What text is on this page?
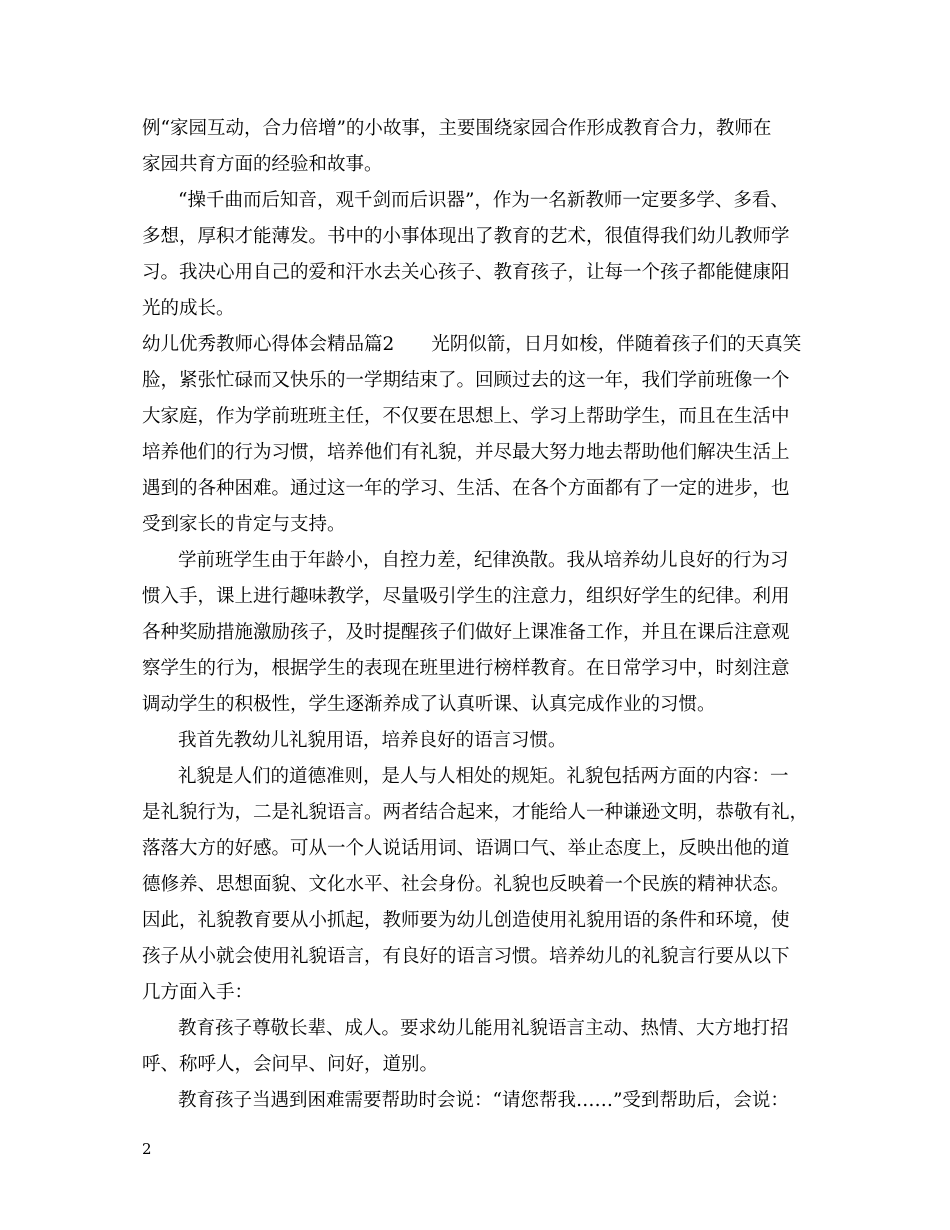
例“家园互动，合力倍增”的小故事，主要围绕家园合作形成教育合力，教师在
家园共育方面的经验和故事。
“操千曲而后知音，观千剑而后识器”，作为一名新教师一定要多学、多看、
多想，厚积才能薄发。书中的小事体现出了教育的艺术，很值得我们幼儿教师学
习。我决心用自己的爱和汗水去关心孩子、教育孩子，让每一个孩子都能健康阳
光的成长。
幼儿优秀教师心得体会精品篇2　　光阴似箭，日月如梭，伴随着孩子们的天真笑
脸，紧张忙碌而又快乐的一学期结束了。回顾过去的这一年，我们学前班像一个
大家庭，作为学前班班主任，不仅要在思想上、学习上帮助学生，而且在生活中
培养他们的行为习惯，培养他们有礼貌，并尽最大努力地去帮助他们解决生活上
遇到的各种困难。通过这一年的学习、生活、在各个方面都有了一定的进步，也
受到家长的肯定与支持。
学前班学生由于年龄小，自控力差，纪律涣散。我从培养幼儿良好的行为习
惯入手，课上进行趣味教学，尽量吸引学生的注意力，组织好学生的纪律。利用
各种奖励措施激励孩子，及时提醒孩子们做好上课准备工作，并且在课后注意观
察学生的行为，根据学生的表现在班里进行榜样教育。在日常学习中，时刻注意
调动学生的积极性，学生逐渐养成了认真听课、认真完成作业的习惯。
我首先教幼儿礼貌用语，培养良好的语言习惯。
礼貌是人们的道德准则，是人与人相处的规矩。礼貌包括两方面的内容：一
是礼貌行为，二是礼貌语言。两者结合起来，才能给人一种谦逊文明，恭敬有礼，
落落大方的好感。可从一个人说话用词、语调口气、举止态度上，反映出他的道
德修养、思想面貌、文化水平、社会身份。礼貌也反映着一个民族的精神状态。
因此，礼貌教育要从小抓起，教师要为幼儿创造使用礼貌用语的条件和环境，使
孩子从小就会使用礼貌语言，有良好的语言习惯。培养幼儿的礼貌言行要从以下
几方面入手：
教育孩子尊敬长辈、成人。要求幼儿能用礼貌语言主动、热情、大方地打招
呼、称呼人，会问早、问好，道别。
教育孩子当遇到困难需要帮助时会说：“请您帮我……”受到帮助后，会说：
2
